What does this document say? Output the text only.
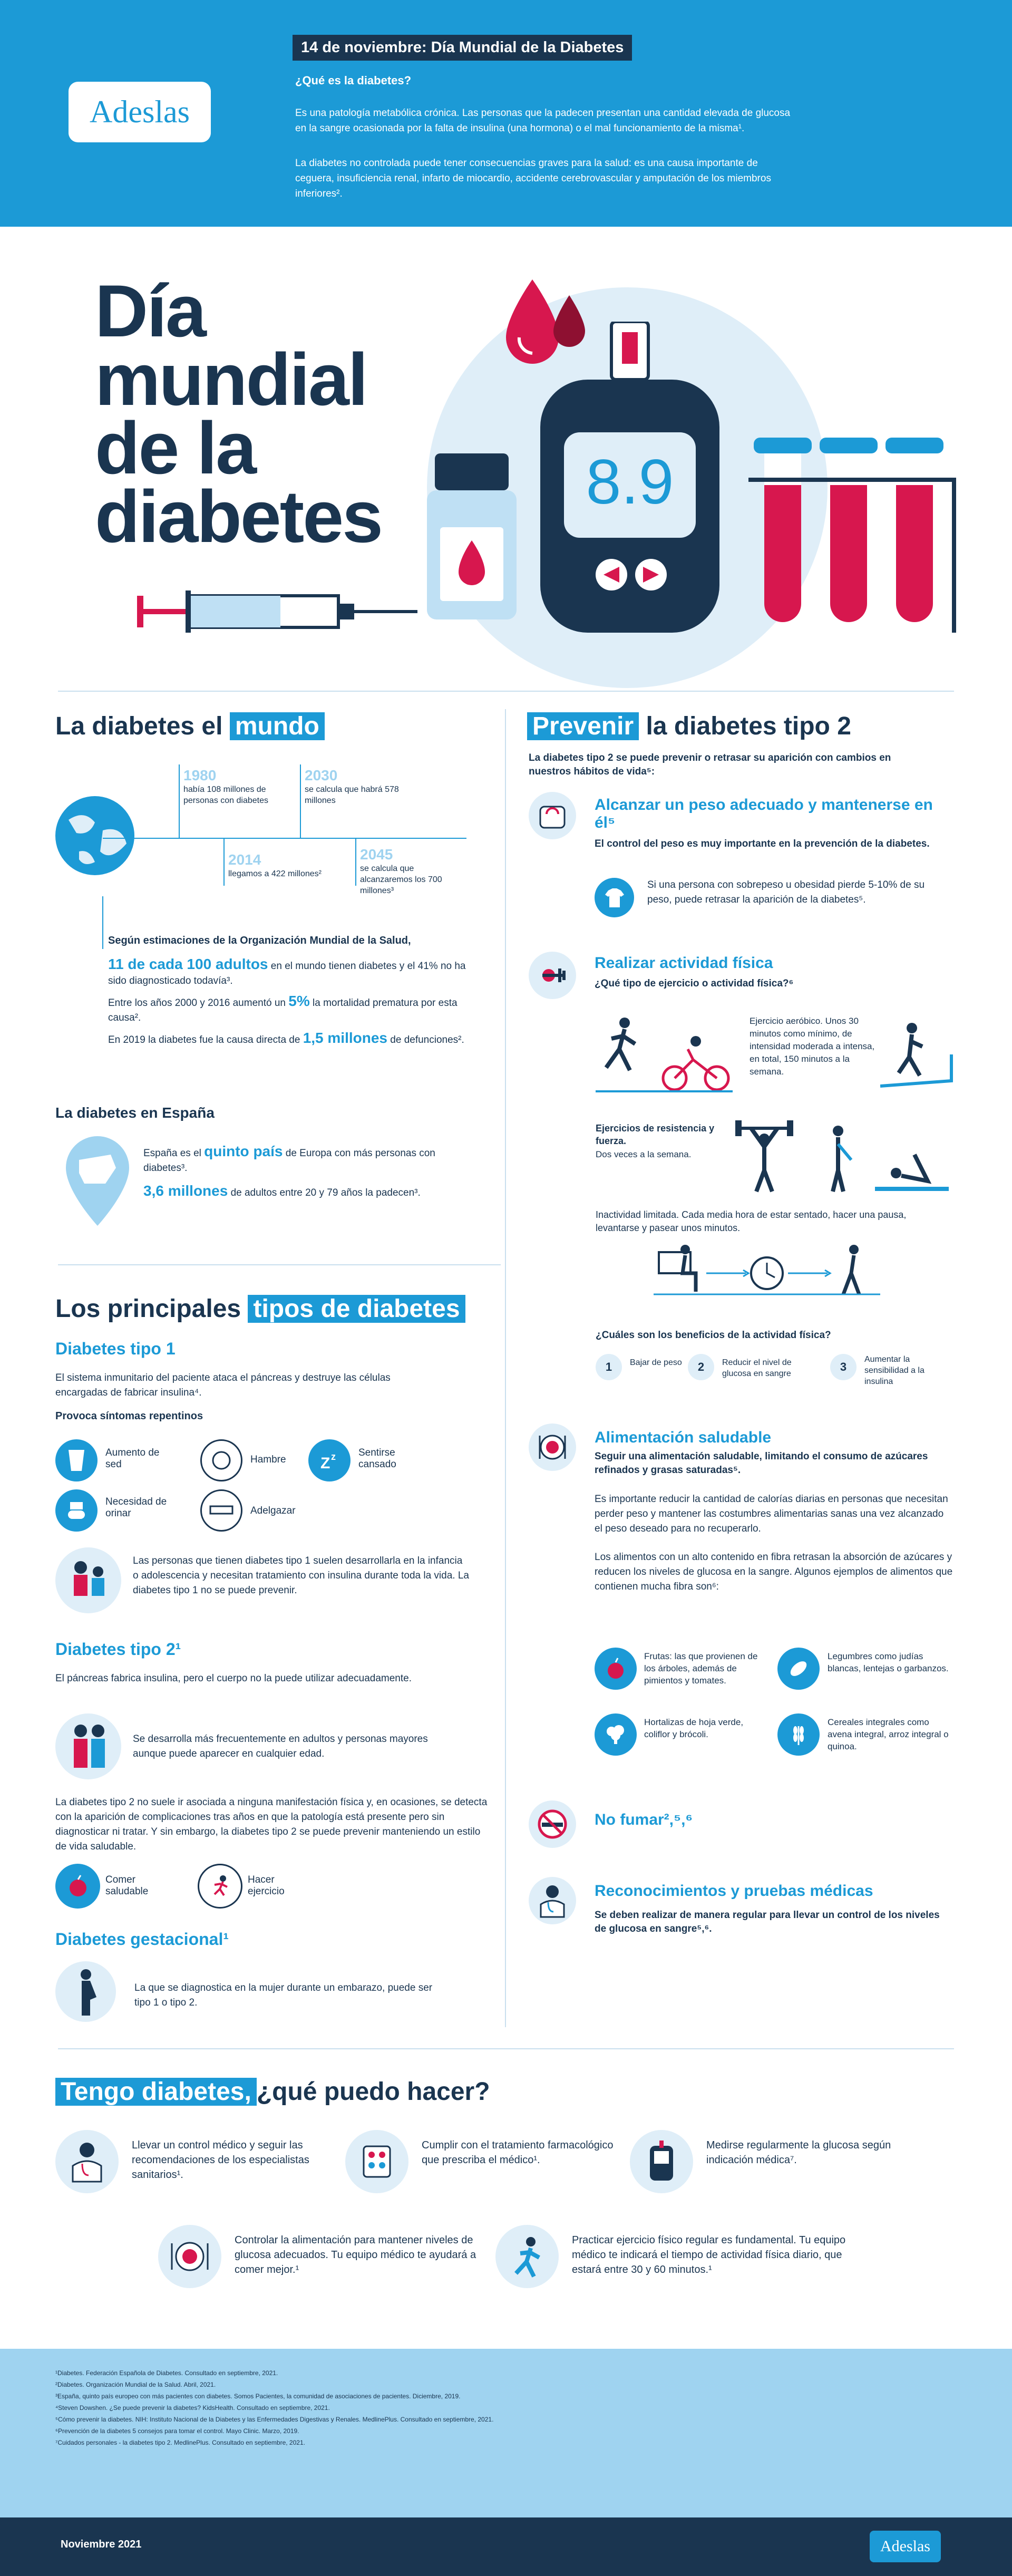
Adeslas
14 de noviembre: Día Mundial de la Diabetes
¿Qué es la diabetes?
Es una patología metabólica crónica. Las personas que la padecen presentan una cantidad elevada de glucosa en la sangre ocasionada por la falta de insulina (una hormona) o el mal funcionamiento de la misma¹.
La diabetes no controlada puede tener consecuencias graves para la salud: es una causa importante de ceguera, insuficiencia renal, infarto de miocardio, accidente cerebrovascular y amputación de los miembros inferiores².
Día
mundial
de la
diabetes	8.9
La diabetes el mundo
1980
había 108 millones de personas con diabetes
2030
se calcula que habrá 578 millones
2014
llegamos a 422 millones²
2045
se calcula que alcanzaremos los 700 millones³
Según estimaciones de la Organización Mundial de la Salud,
11 de cada 100 adultos en el mundo tienen diabetes y el 41% no ha sido diagnosticado todavía³.
Entre los años 2000 y 2016 aumentó un 5% la mortalidad prematura por esta causa².
En 2019 la diabetes fue la causa directa de 1,5 millones de defunciones².
La diabetes en España
España es el quinto país de Europa con más personas con diabetes³.
3,6 millones de adultos entre 20 y 79 años la padecen³.
Los principales tipos de diabetes
Diabetes tipo 1
El sistema inmunitario del paciente ataca el páncreas y destruye las células encargadas de fabricar insulina⁴.
Provoca síntomas repentinos
Aumento de sed	Hambre Z z Sentirse cansado
Necesidad de orinar	Adelgazar
Las personas que tienen diabetes tipo 1 suelen desarrollarla en la infancia o adolescencia y necesitan tratamiento con insulina durante toda la vida. La diabetes tipo 1 no se puede prevenir.
Diabetes tipo 2¹
El páncreas fabrica insulina, pero el cuerpo no la puede utilizar adecuadamente.
Se desarrolla más frecuentemente en adultos y personas mayores aunque puede aparecer en cualquier edad.
La diabetes tipo 2 no suele ir asociada a ninguna manifestación física y, en ocasiones, se detecta con la aparición de complicaciones tras años en que la patología está presente pero sin diagnosticar ni tratar. Y sin embargo, la diabetes tipo 2 se puede prevenir manteniendo un estilo de vida saludable.
Comer saludable
Hacer ejercicio
Diabetes gestacional¹
La que se diagnostica en la mujer durante un embarazo, puede ser tipo 1 o tipo 2.
Prevenir la diabetes tipo 2
La diabetes tipo 2 se puede prevenir o retrasar su aparición con cambios en nuestros hábitos de vida⁵:
Alcanzar un peso adecuado y mantenerse en él⁵
El control del peso es muy importante en la prevención de la diabetes.
Si una persona con sobrepeso u obesidad pierde 5-10% de su peso, puede retrasar la aparición de la diabetes⁵.
Realizar actividad física
¿Qué tipo de ejercicio o actividad física?⁶
Ejercicio aeróbico. Unos 30 minutos como mínimo, de intensidad moderada a intensa, en total, 150 minutos a la semana.
Ejercicios de resistencia y fuerza.
Dos veces a la semana.
Inactividad limitada. Cada media hora de estar sentado, hacer una pausa, levantarse y pasear unos minutos.
¿Cuáles son los beneficios de la actividad física?
1	Bajar de peso	2	Reducir el nivel de glucosa en sangre
3
Aumentar la sensibilidad a la insulina
Alimentación saludable
Seguir una alimentación saludable, limitando el consumo de azúcares refinados y grasas saturadas⁵.
Es importante reducir la cantidad de calorías diarias en personas que necesitan perder peso y mantener las costumbres alimentarias sanas una vez alcanzado el peso deseado para no recuperarlo.
Los alimentos con un alto contenido en fibra retrasan la absorción de azúcares y reducen los niveles de glucosa en la sangre. Algunos ejemplos de alimentos que contienen mucha fibra son⁶:
Frutas: las que provienen de los árboles, además de pimientos y tomates.
Legumbres como judías blancas, lentejas o garbanzos.
Hortalizas de hoja verde, coliflor y brócoli.
Cereales integrales como avena integral, arroz integral o quinoa.
No fumar²,⁵,⁶
Reconocimientos y pruebas médicas
Se deben realizar de manera regular para llevar un control de los niveles de glucosa en sangre⁵,⁶.
Tengo diabetes, ¿qué puedo hacer?
Llevar un control médico y seguir las recomendaciones de los especialistas sanitarios¹.
Cumplir con el tratamiento farmacológico que prescriba el médico¹.
Medirse regularmente la glucosa según indicación médica⁷.
Controlar la alimentación para mantener niveles de glucosa adecuados. Tu equipo médico te ayudará a comer mejor.¹
Practicar ejercicio físico regular es fundamental. Tu equipo médico te indicará el tiempo de actividad física diario, que estará entre 30 y 60 minutos.¹
¹Diabetes. Federación Española de Diabetes. Consultado en septiembre, 2021.
²Diabetes. Organización Mundial de la Salud. Abril, 2021.
³España, quinto país europeo con más pacientes con diabetes. Somos Pacientes, la comunidad de asociaciones de pacientes. Diciembre, 2019.
⁴Steven Dowshen. ¿Se puede prevenir la diabetes? KidsHealth. Consultado en septiembre, 2021.
⁵Cómo prevenir la diabetes. NIH: Instituto Nacional de la Diabetes y las Enfermedades Digestivas y Renales. MedlinePlus. Consultado en septiembre, 2021.
⁶Prevención de la diabetes 5 consejos para tomar el control. Mayo Clinic. Marzo, 2019.
⁷Cuidados personales - la diabetes tipo 2. MedlinePlus. Consultado en septiembre, 2021.
Noviembre 2021	Adeslas
